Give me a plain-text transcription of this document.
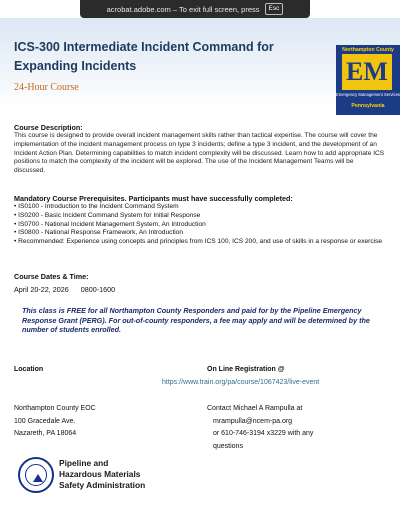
acrobat.adobe.com – To exit full screen, press	Esc
ICS-300 Intermediate Incident Command for Expanding Incidents
24-Hour Course
Northampton County
EM
Emergency Management Services
Pennsylvania
Course Description:
This course is designed to provide overall incident management skills rather than tactical expertise. The course will cover the implementation of the incident management process on type 3 incidents; define a type 3 incident, and the development of an Incident Action Plan. Determining capabilities to match incident complexity will be discussed. Learn how to add appropriate ICS positions to match the complexity of the incident will be explored. The use of the Incident Management Teams will be discussed.
Mandatory Course Prerequisites. Participants must have successfully completed:
• IS0100 - Introduction to the Incident Command System
• IS0200 - Basic Incident Command System for Initial Response
• IS0700 - National Incident Management System, An Introduction
• IS0800 - National Response Framework, An Introduction
• Recommended: Experience using concepts and principles from ICS 100, ICS 200, and use of skills in a response or exercise
Course Dates & Time:
April 20-22, 2026 0800-1600
This class is FREE for all Northampton County Responders and paid for by the Pipeline Emergency Response Grant (PERG). For out-of-county responders, a fee may apply and will be determined by the number of students enrolled.
Location	On Line Registration @
https://www.train.org/pa/course/1067423/live-event
Northampton County EOC
100 Gracedale Ave.
Nazareth, PA 18064
Contact Michael A Rampulla at
mrampulla@ncem-pa.org
or 610-746-3194 x3229 with any
questions
Pipeline and
Hazardous Materials
Safety Administration
